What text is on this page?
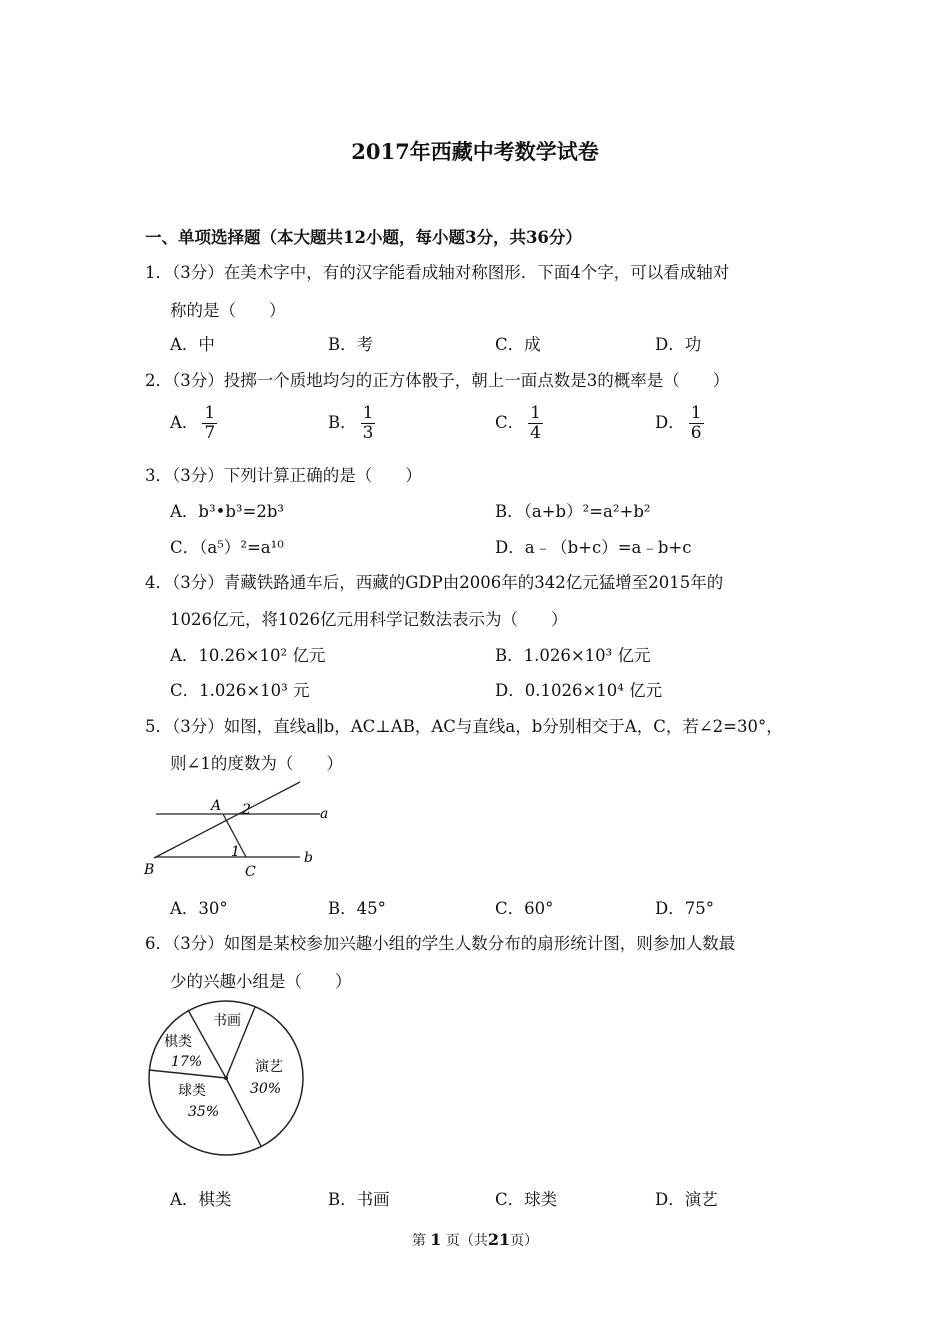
2017年西藏中考数学试卷
一、单项选择题（本大题共12小题，每小题3分，共36分）
1．（3分）在美术字中，有的汉字能看成轴对称图形．下面4个字，可以看成轴对
称的是（　　）
A．中	B．考	C．成	D．功
2．（3分）投掷一个质地均匀的正方体骰子，朝上一面点数是3的概率是（　　）
A． $\frac{1}{7}$	B． $\frac{1}{3}$	C． $\frac{1}{4}$	D． $\frac{1}{6}$
3．（3分）下列计算正确的是（　　）
A．b³•b³=2b³	B．（a+b）²=a²+b²
C．（a⁵）²=a¹⁰	D．a﹣（b+c）=a﹣b+c
4．（3分）青藏铁路通车后，西藏的GDP由2006年的342亿元猛增至2015年的
1026亿元，将1026亿元用科学记数法表示为（　　）
A．10.26×10² 亿元	B．1.026×10³ 亿元
C．1.026×10³ 元	D．0.1026×10⁴ 亿元
5．（3分）如图，直线a∥b，AC⊥AB，AC与直线a，b分别相交于A，C，若∠2=30°，
则∠1的度数为（　　）
A 2	a
1	b
B	C
A．30°	B．45°	C．60°	D．75°
6．（3分）如图是某校参加兴趣小组的学生人数分布的扇形统计图，则参加人数最
少的兴趣小组是（　　）
书画
棋类
17%	演艺
30%
球类
35%
A．棋类	B．书画	C．球类	D．演艺
第 1 页（共21页）
